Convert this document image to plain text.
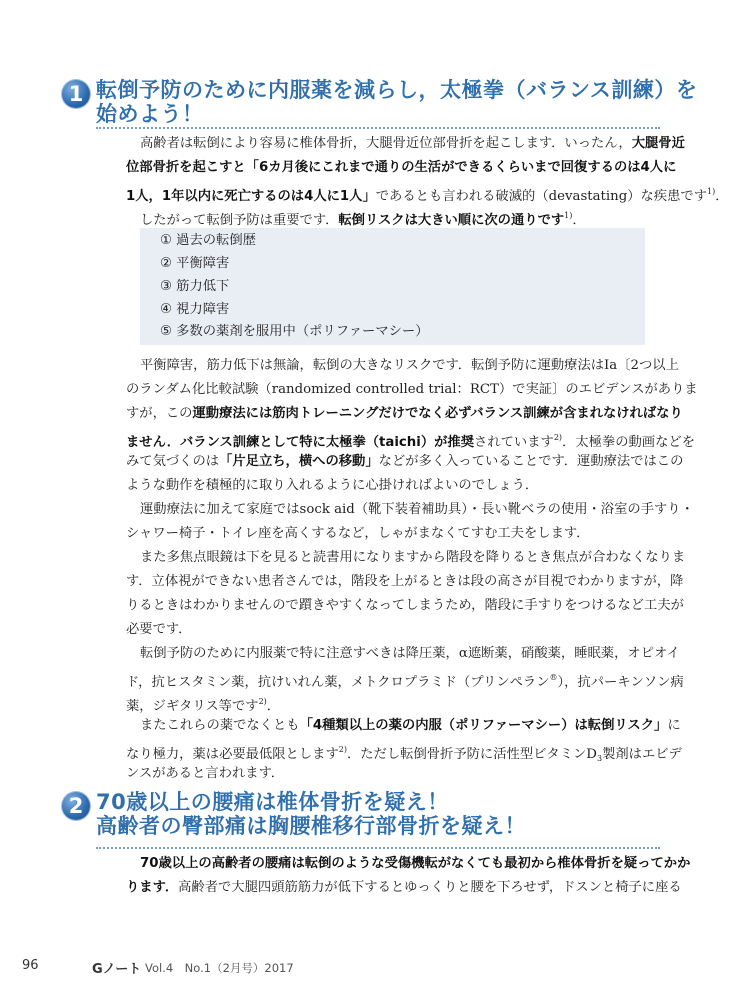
1 転倒予防のために内服薬を減らし，太極拳（バランス訓練）を
始めよう！
高齢者は転倒により容易に椎体骨折，大腿骨近位部骨折を起こします．いったん，大腿骨近
位部骨折を起こすと「6カ月後にこれまで通りの生活ができるくらいまで回復するのは4人に
1人，1年以内に死亡するのは4人に1人」であるとも言われる破滅的（devastating）な疾患です$^{1)}$．
したがって転倒予防は重要です．転倒リスクは大きい順に次の通りです$^{1)}$．
① 過去の転倒歴
② 平衡障害
③ 筋力低下
④ 視力障害
⑤ 多数の薬剤を服用中（ポリファーマシー）
平衡障害，筋力低下は無論，転倒の大きなリスクです．転倒予防に運動療法はIa〔2つ以上
のランダム化比較試験（randomized controlled trial：RCT）で実証〕のエビデンスがありま
すが，この運動療法には筋肉トレーニングだけでなく必ずバランス訓練が含まれなければなり
ません．バランス訓練として特に太極拳（taichi）が推奨されています$^{2)}$．太極拳の動画などを
みて気づくのは「片足立ち，横への移動」などが多く入っていることです．運動療法ではこの
ような動作を積極的に取り入れるように心掛ければよいのでしょう．
運動療法に加えて家庭ではsock aid（靴下装着補助具）・長い靴ベラの使用・浴室の手すり・
シャワー椅子・トイレ座を高くするなど，しゃがまなくてすむ工夫をします．
また多焦点眼鏡は下を見ると読書用になりますから階段を降りるとき焦点が合わなくなりま
す．立体視ができない患者さんでは，階段を上がるときは段の高さが目視でわかりますが，降
りるときはわかりませんので躓きやすくなってしまうため，階段に手すりをつけるなど工夫が
必要です．
転倒予防のために内服薬で特に注意すべきは降圧薬，α遮断薬，硝酸薬，睡眠薬，オピオイ
ド，抗ヒスタミン薬，抗けいれん薬，メトクロプラミド（プリンペラン®），抗パーキンソン病
薬，ジギタリス等です$^{2)}$．
またこれらの薬でなくとも「4種類以上の薬の内服（ポリファーマシー）は転倒リスク」に
なり極力，薬は必要最低限とします$^{2)}$．ただし転倒骨折予防に活性型ビタミン$D_3$製剤はエビデ
ンスがあると言われます．
2 70歳以上の腰痛は椎体骨折を疑え！
高齢者の臀部痛は胸腰椎移行部骨折を疑え！
70歳以上の高齢者の腰痛は転倒のような受傷機転がなくても最初から椎体骨折を疑ってかか
ります．高齢者で大腿四頭筋筋力が低下するとゆっくりと腰を下ろせず，ドスンと椅子に座る
96	Gノート Vol.4　No.1（2月号）2017
